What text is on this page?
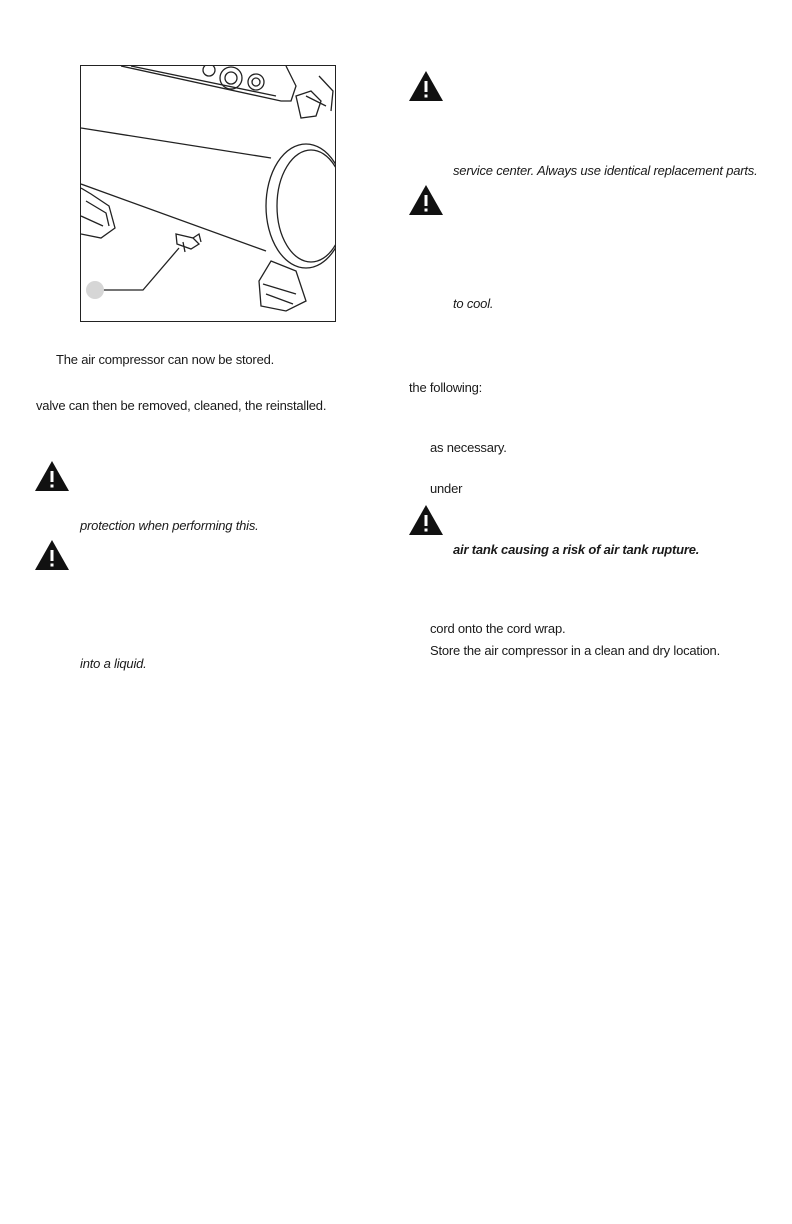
The air compressor can now be stored.
valve can then be removed, cleaned, the reinstalled.
protection when performing this.
into a liquid.
service center. Always use identical replacement parts.
to cool.
the following:
as necessary.
under
air tank causing a risk of air tank rupture.
cord onto the cord wrap.
Store the air compressor in a clean and dry location.
